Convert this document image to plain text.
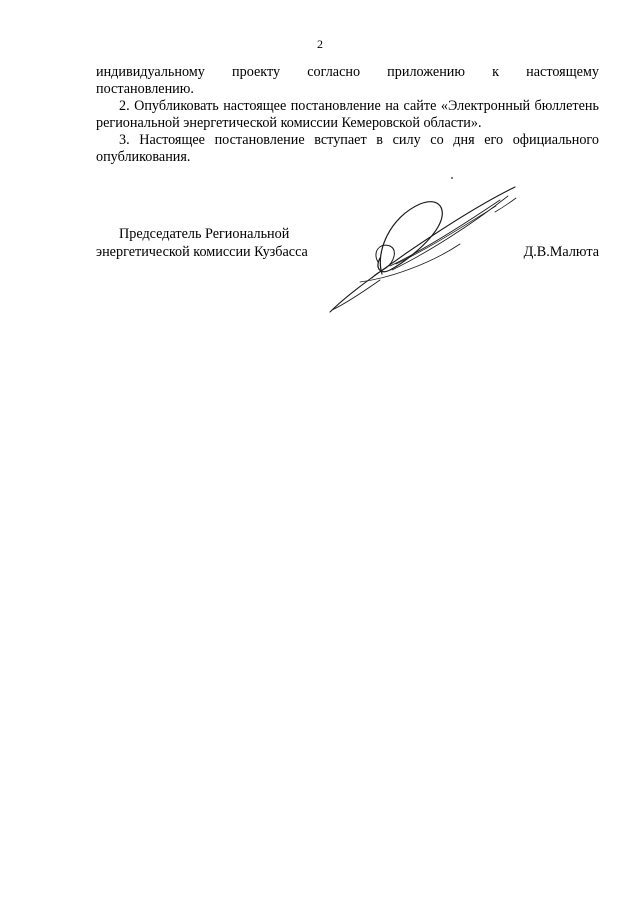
2

индивидуальному проекту согласно приложению к настоящему

постановлению.

2. Опубликовать настоящее постановление на сайте «Электронный бюллетень региональной энергетической комиссии Кемеровской области».

3. Настоящее постановление вступает в силу со дня его официального опубликования.

Председатель Региональной
энергетической комиссии Кузбасса	Д.В.Малюта
